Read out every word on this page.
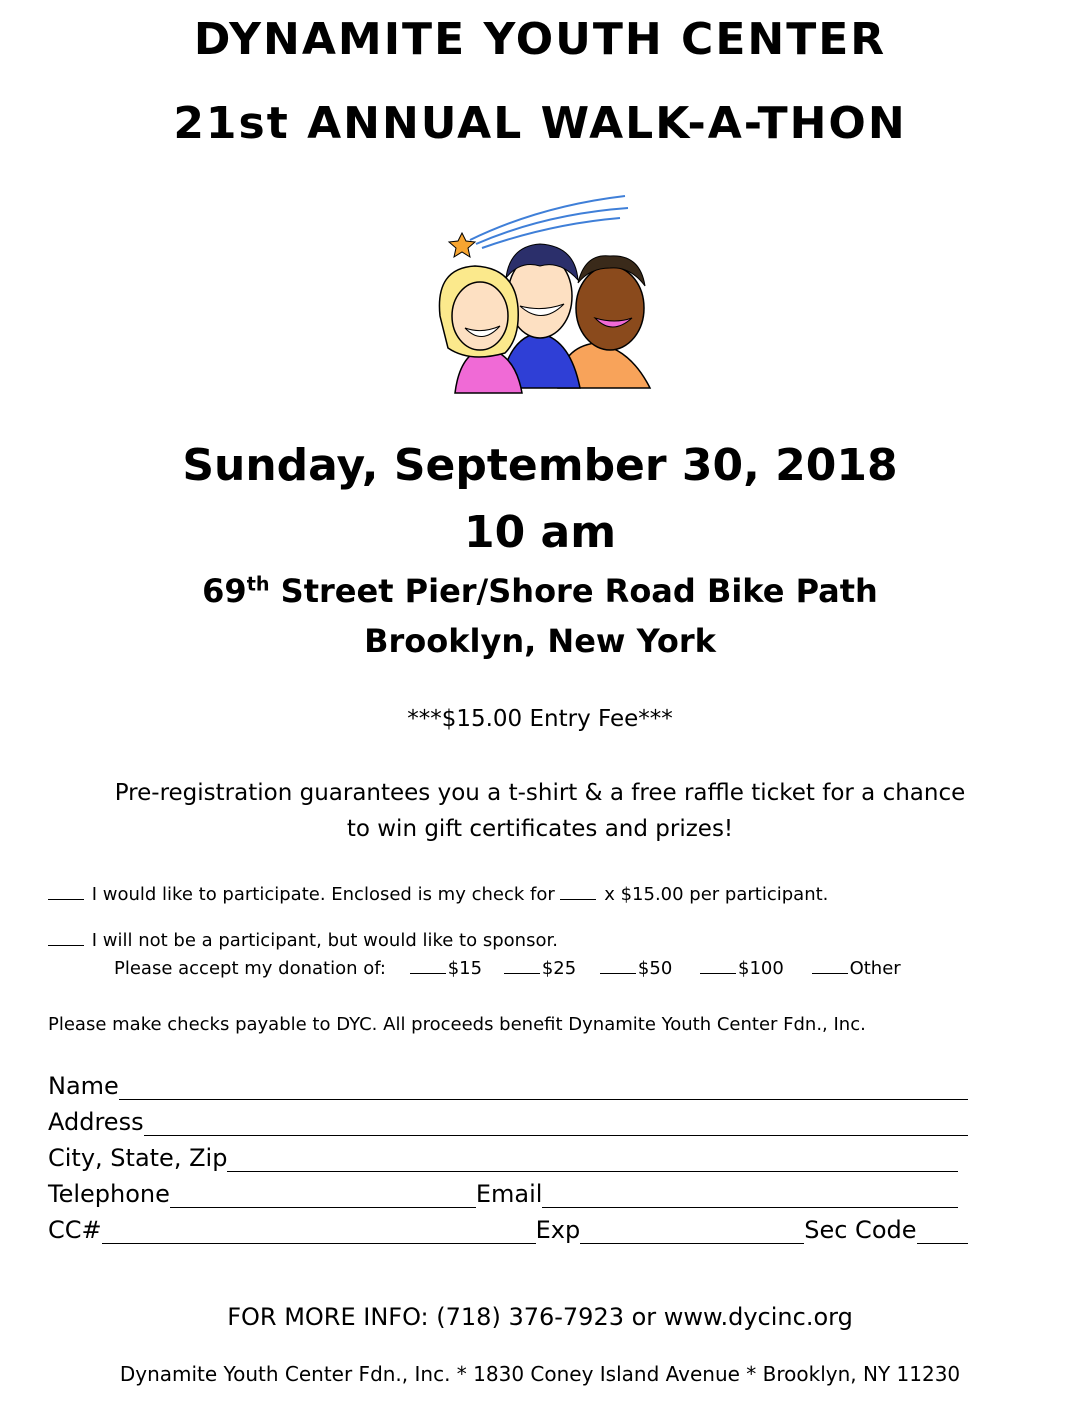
DYNAMITE YOUTH CENTER
21st ANNUAL WALK-A-THON
Sunday, September 30, 2018
10 am
69th Street Pier/Shore Road Bike Path
Brooklyn, New York
***$15.00 Entry Fee***
Pre-registration guarantees you a t-shirt & a free raffle ticket for a chance
to win gift certificates and prizes!
I would like to participate. Enclosed is my check for	x $15.00 per participant.
I will not be a participant, but would like to sponsor.
Please accept my donation of:	$15	$25	$50	$100	Other
Please make checks payable to DYC. All proceeds benefit Dynamite Youth Center Fdn., Inc.
Name
Address
City, State, Zip
Telephone	Email
CC#	Exp	Sec Code
FOR MORE INFO: (718) 376-7923 or www.dycinc.org
Dynamite Youth Center Fdn., Inc. * 1830 Coney Island Avenue * Brooklyn, NY 11230
